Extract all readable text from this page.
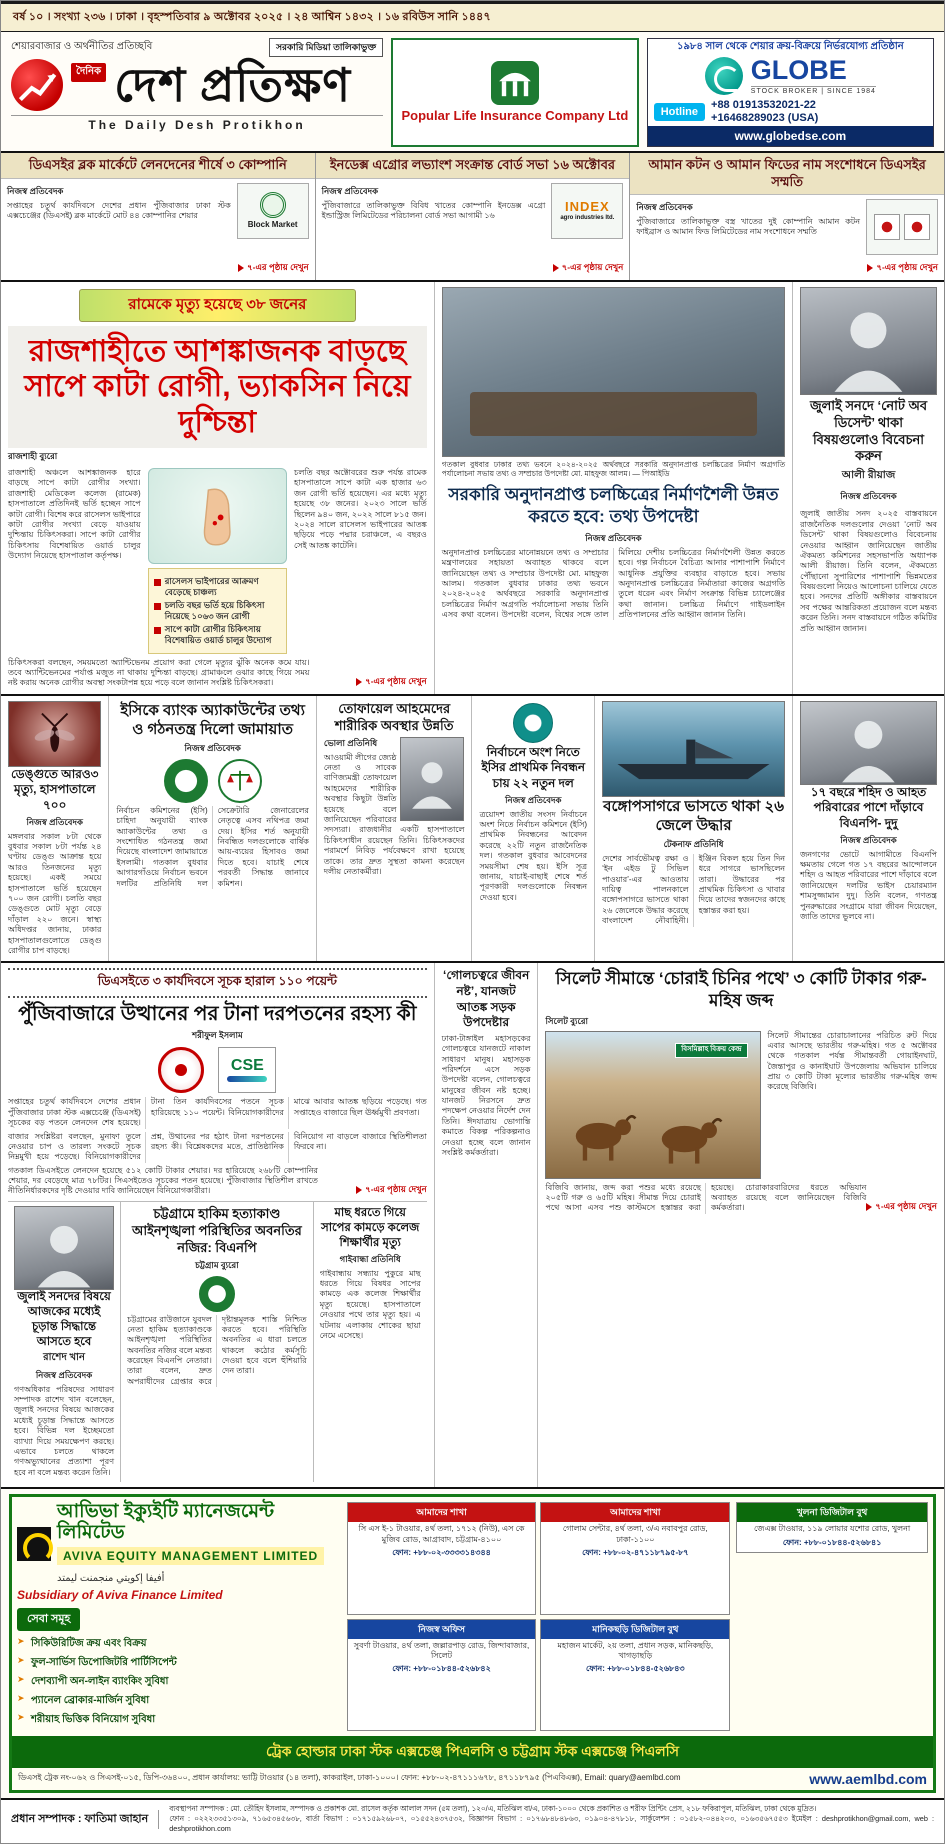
বর্ষ ১০ । সংখ্যা ২৩৬ । ঢাকা । বৃহস্পতিবার ৯ অক্টোবর ২০২৫ । ২৪ আশ্বিন ১৪৩২ । ১৬ রবিউস সানি ১৪৪৭
শেয়ারবাজার ও অর্থনীতির প্রতিচ্ছবি	সরকারি মিডিয়া তালিকাভুক্ত
দৈনিক দেশ প্রতিক্ষণ
The Daily Desh Protikhon
Popular Life Insurance Company Ltd
১৯৮৪ সাল থেকে শেয়ার ক্রয়-বিক্রয়ে নির্ভরযোগ্য প্রতিষ্ঠান
GLOBE
STOCK BROKER | SINCE 1984
Hotline
+88 01913532021-22
+16468289023 (USA)
www.globedse.com
ডিএসইর ব্লক মার্কেটে লেনদেনের শীর্ষে ৩ কোম্পানি
নিজস্ব প্রতিবেদক
সপ্তাহের চতুর্থ কার্যদিবসে দেশের প্রধান পুঁজিবাজার ঢাকা স্টক এক্সচেঞ্জের (ডিএসই) ব্লক মার্কেটে মোট ৪৪ কোম্পানির শেয়ার
Block Market
৭-এর পৃষ্ঠায় দেখুন
ইনডেক্স এগ্রোর লভ্যাংশ সংক্রান্ত বোর্ড সভা ১৬ অক্টোবর
নিজস্ব প্রতিবেদক
পুঁজিবাজারে তালিকাভুক্ত বিবিধ খাতের কোম্পানি ইনডেক্স এগ্রো ইন্ডাস্ট্রিজ লিমিটেডের পরিচালনা বোর্ড সভা আগামী ১৬
INDEX
agro industries ltd.
৭-এর পৃষ্ঠায় দেখুন
আমান কটন ও আমান ফিডের নাম সংশোধনে ডিএসইর সম্মতি
নিজস্ব প্রতিবেদক
পুঁজিবাজারে তালিকাভুক্ত বস্ত্র খাতের দুই কোম্পানি আমান কটন ফাইব্রাস ও আমান ফিড লিমিটেডের নাম সংশোধনে সম্মতি
৭-এর পৃষ্ঠায় দেখুন
রামেকে মৃত্যু হয়েছে ৩৮ জনের
রাজশাহীতে আশঙ্কাজনক বাড়ছে সাপে কাটা রোগী, ভ্যাকসিন নিয়ে দুশ্চিন্তা
রাজশাহী ব্যুরো
রাজশাহী অঞ্চলে আশঙ্কাজনক হারে বাড়ছে সাপে কাটা রোগীর সংখ্যা। রাজশাহী মেডিকেল কলেজ (রামেক) হাসপাতালে প্রতিদিনই ভর্তি হচ্ছেন সাপে কাটা রোগী। বিশেষ করে রাসেলস ভাইপারে কাটা রোগীর সংখ্যা বেড়ে যাওয়ায় দুশ্চিন্তায় চিকিৎসকরা। সাপে কাটা রোগীর চিকিৎসায় বিশেষায়িত ওয়ার্ড চালুর উদ্যোগ নিয়েছে হাসপাতাল কর্তৃপক্ষ।
রাসেলস ভাইপারের আক্রমণ বেড়েছে চাঞ্চল্য
চলতি বছর ভর্তি হয়ে চিকিৎসা নিয়েছে ১০৬৩ জন রোগী
সাপে কাটা রোগীর চিকিৎসায় বিশেষায়িত ওয়ার্ড চালুর উদ্যোগ
চলতি বছর অক্টোবরের শুরু পর্যন্ত রামেক হাসপাতালে সাপে কাটা এক হাজার ৬৩ জন রোগী ভর্তি হয়েছেন। এর মধ্যে মৃত্যু হয়েছে ৩৮ জনের। ২০২৩ সালে ভর্তি ছিলেন ৯৪০ জন, ২০২২ সালে ৮১৫ জন। ২০২৪ সালে রাসেলস ভাইপারের আতঙ্ক ছড়িয়ে পড়ে পদ্মার চরাঞ্চলে, এ বছরও সেই আতঙ্ক কাটেনি।
চিকিৎসকরা বলছেন, সময়মতো অ্যান্টিভেনম প্রয়োগ করা গেলে মৃত্যুর ঝুঁকি অনেক কমে যায়। তবে অ্যান্টিভেনমের পর্যাপ্ত মজুত না থাকায় দুশ্চিন্তা বাড়ছে। গ্রামাঞ্চলে ওঝার কাছে গিয়ে সময় নষ্ট করায় অনেক রোগীর অবস্থা সংকটাপন্ন হয়ে পড়ে বলে জানান সংশ্লিষ্ট চিকিৎসকরা।	৭-এর পৃষ্ঠায় দেখুন
গতকাল বুধবার ঢাকার তথ্য ভবনে ২০২৪-২০২৫ অর্থবছরে সরকারি অনুদানপ্রাপ্ত চলচ্চিত্রের নির্মাণ অগ্রগতি পর্যালোচনা সভায় তথ্য ও সম্প্রচার উপদেষ্টা মো. মাহফুজ আলম। — পিআইডি
সরকারি অনুদানপ্রাপ্ত চলচ্চিত্রের নির্মাণশৈলী উন্নত করতে হবে: তথ্য উপদেষ্টা
নিজস্ব প্রতিবেদক
অনুদানপ্রাপ্ত চলচ্চিত্রের মানোন্নয়নে তথ্য ও সম্প্রচার মন্ত্রণালয়ের সহায়তা অব্যাহত থাকবে বলে জানিয়েছেন তথ্য ও সম্প্রচার উপদেষ্টা মো. মাহফুজ আলম। গতকাল বুধবার ঢাকার তথ্য ভবনে ২০২৪-২০২৫ অর্থবছরে সরকারি অনুদানপ্রাপ্ত চলচ্চিত্রের নির্মাণ অগ্রগতি পর্যালোচনা সভায় তিনি এসব কথা বলেন। উপদেষ্টা বলেন, বিশ্বের সঙ্গে তাল মিলিয়ে দেশীয় চলচ্চিত্রের নির্মাণশৈলী উন্নত করতে হবে। গল্প নির্বাচনে বৈচিত্র্য আনার পাশাপাশি নির্মাণে আধুনিক প্রযুক্তির ব্যবহার বাড়াতে হবে। সভায় অনুদানপ্রাপ্ত চলচ্চিত্রের নির্মাতারা কাজের অগ্রগতি তুলে ধরেন এবং নির্মাণ সংক্রান্ত বিভিন্ন চ্যালেঞ্জের কথা জানান। চলচ্চিত্র নির্মাণে গাইডলাইন প্রতিপালনের প্রতি আহ্বান জানান তিনি।
জুলাই সনদে ‘নোট অব ডিসেন্ট’ থাকা বিষয়গুলোও বিবেচনা করুন
আলী রীয়াজ
নিজস্ব প্রতিবেদক
জুলাই জাতীয় সনদ ২০২৫ বাস্তবায়নে রাজনৈতিক দলগুলোর দেওয়া ‘নোট অব ডিসেন্ট’ থাকা বিষয়গুলোও বিবেচনায় নেওয়ার আহ্বান জানিয়েছেন জাতীয় ঐকমত্য কমিশনের সহসভাপতি অধ্যাপক আলী রীয়াজ। তিনি বলেন, ঐকমত্যে পৌঁছানো সুপারিশের পাশাপাশি ভিন্নমতের বিষয়গুলো নিয়েও আলোচনা চালিয়ে যেতে হবে। সনদের প্রতিটি অঙ্গীকার বাস্তবায়নে সব পক্ষের আন্তরিকতা প্রয়োজন বলে মন্তব্য করেন তিনি। সনদ বাস্তবায়নে গঠিত কমিটির প্রতি আহ্বান জানান।
ডেঙ্গুতে আরও৩ মৃত্যু, হাসপাতালে ৭০০
নিজস্ব প্রতিবেদক
মঙ্গলবার সকাল ৮টা থেকে বুধবার সকাল ৮টা পর্যন্ত ২৪ ঘণ্টায় ডেঙ্গু আক্রান্ত হয়ে আরও তিনজনের মৃত্যু হয়েছে। একই সময়ে হাসপাতালে ভর্তি হয়েছেন ৭০০ জন রোগী। চলতি বছর ডেঙ্গুতে মোট মৃত্যু বেড়ে দাঁড়াল ২২০ জনে। স্বাস্থ্য অধিদপ্তর জানায়, ঢাকার হাসপাতালগুলোতে ডেঙ্গু রোগীর চাপ বাড়ছে।
ইসিকে ব্যাংক অ্যাকাউন্টের তথ্য ও গঠনতন্ত্র দিলো জামায়াত
নিজস্ব প্রতিবেদক
নির্বাচন কমিশনের (ইসি) চাহিদা অনুযায়ী ব্যাংক অ্যাকাউন্টের তথ্য ও সংশোধিত গঠনতন্ত্র জমা দিয়েছে বাংলাদেশ জামায়াতে ইসলামী। গতকাল বুধবার আগারগাঁওয়ে নির্বাচন ভবনে দলটির প্রতিনিধি দল সেক্রেটারি জেনারেলের নেতৃত্বে এসব নথিপত্র জমা দেয়। ইসির শর্ত অনুযায়ী নিবন্ধিত দলগুলোকে বার্ষিক আয়-ব্যয়ের হিসাবও জমা দিতে হবে। যাচাই শেষে পরবর্তী সিদ্ধান্ত জানাবে কমিশন।
তোফায়েল আহমেদের শারীরিক অবস্থার উন্নতি
ভোলা প্রতিনিধি
আওয়ামী লীগের জ্যেষ্ঠ নেতা ও সাবেক বাণিজ্যমন্ত্রী তোফায়েল আহমেদের শারীরিক অবস্থার কিছুটা উন্নতি হয়েছে বলে জানিয়েছেন পরিবারের সদস্যরা। রাজধানীর একটি হাসপাতালে চিকিৎসাধীন রয়েছেন তিনি। চিকিৎসকদের পরামর্শে নিবিড় পর্যবেক্ষণে রাখা হয়েছে তাকে। তার দ্রুত সুস্থতা কামনা করেছেন দলীয় নেতাকর্মীরা।
নির্বাচনে অংশ নিতে ইসির প্রাথমিক নিবন্ধন চায় ২২ নতুন দল
নিজস্ব প্রতিবেদক
ত্রয়োদশ জাতীয় সংসদ নির্বাচনে অংশ নিতে নির্বাচন কমিশনে (ইসি) প্রাথমিক নিবন্ধনের আবেদন করেছে ২২টি নতুন রাজনৈতিক দল। গতকাল বুধবার আবেদনের সময়সীমা শেষ হয়। ইসি সূত্র জানায়, যাচাই-বাছাই শেষে শর্ত পূরণকারী দলগুলোকে নিবন্ধন দেওয়া হবে।
বঙ্গোপসাগরে ভাসতে থাকা ২৬ জেলে উদ্ধার
টেকনাফ প্রতিনিধি
দেশের সার্বভৌমত্ব রক্ষা ও ‘ইন এইড টু সিভিল পাওয়ার’-এর আওতায় দায়িত্ব পালনকালে বঙ্গোপসাগরে ভাসতে থাকা ২৬ জেলেকে উদ্ধার করেছে বাংলাদেশ নৌবাহিনী। ইঞ্জিন বিকল হয়ে তিন দিন ধরে সাগরে ভাসছিলেন তারা। উদ্ধারের পর প্রাথমিক চিকিৎসা ও খাবার দিয়ে তাদের স্বজনদের কাছে হস্তান্তর করা হয়।
১৭ বছরে শহিদ ও আহত পরিবারের পাশে দাঁড়াবে বিএনপি- দুদু
নিজস্ব প্রতিবেদক
জনগণের ভোটে আগামীতে বিএনপি ক্ষমতায় গেলে গত ১৭ বছরের আন্দোলনে শহিদ ও আহত পরিবারের পাশে দাঁড়াবে বলে জানিয়েছেন দলটির ভাইস চেয়ারম্যান শামসুজ্জামান দুদু। তিনি বলেন, গণতন্ত্র পুনরুদ্ধারের সংগ্রামে যারা জীবন দিয়েছেন, জাতি তাদের ভুলবে না।
ডিএসইতে ৩ কার্যদিবসে সূচক হারাল ১১০ পয়েন্ট
পুঁজিবাজারে উত্থানের পর টানা দরপতনের রহস্য কী
শরীফুল ইসলাম
CSE
সপ্তাহের চতুর্থ কার্যদিবসে দেশের প্রধান পুঁজিবাজার ঢাকা স্টক এক্সচেঞ্জে (ডিএসই) সূচকের বড় পতনে লেনদেন শেষ হয়েছে। টানা তিন কার্যদিবসের পতনে সূচক হারিয়েছে ১১০ পয়েন্ট। বিনিয়োগকারীদের মাঝে আবার আতঙ্ক ছড়িয়ে পড়েছে। গত সপ্তাহেও বাজারে ছিল ঊর্ধ্বমুখী প্রবণতা।
বাজার সংশ্লিষ্টরা বলছেন, মুনাফা তুলে নেওয়ার চাপ ও তারল্য সংকটে সূচক নিম্নমুখী হয়ে পড়েছে। বিনিয়োগকারীদের প্রশ্ন, উত্থানের পর হঠাৎ টানা দরপতনের রহস্য কী। বিশ্লেষকদের মতে, প্রাতিষ্ঠানিক বিনিয়োগ না বাড়লে বাজারে স্থিতিশীলতা ফিরবে না।
গতকাল ডিএসইতে লেনদেন হয়েছে ৫১২ কোটি টাকার শেয়ার। দর হারিয়েছে ২৬৮টি কোম্পানির শেয়ার, দর বেড়েছে মাত্র ৭৮টির। সিএসইতেও সূচকের পতন হয়েছে। পুঁজিবাজার স্থিতিশীল রাখতে নীতিনির্ধারকদের দৃষ্টি দেওয়ার দাবি জানিয়েছেন বিনিয়োগকারীরা।	৭-এর পৃষ্ঠায় দেখুন
জুলাই সনদের বিষয়ে আজকের মধ্যেই চূড়ান্ত সিদ্ধান্তে আসতে হবে
রাশেদ খান
নিজস্ব প্রতিবেদক
গণঅধিকার পরিষদের সাধারণ সম্পাদক রাশেদ খান বলেছেন, জুলাই সনদের বিষয়ে আজকের মধ্যেই চূড়ান্ত সিদ্ধান্তে আসতে হবে। বিভিন্ন দল ইচ্ছেমতো ব্যাখ্যা দিয়ে সময়ক্ষেপণ করছে। এভাবে চলতে থাকলে গণঅভ্যুত্থানের প্রত্যাশা পূরণ হবে না বলে মন্তব্য করেন তিনি।
চট্টগ্রামে হাকিম হত্যাকাণ্ড আইনশৃঙ্খলা পরিস্থিতির অবনতির নজির: বিএনপি
চট্টগ্রাম ব্যুরো
চট্টগ্রামের রাউজানে যুবদল নেতা হাকিম হত্যাকাণ্ডকে আইনশৃঙ্খলা পরিস্থিতির অবনতির নজির বলে মন্তব্য করেছেন বিএনপি নেতারা। তারা বলেন, দ্রুত অপরাধীদের গ্রেপ্তার করে দৃষ্টান্তমূলক শাস্তি নিশ্চিত করতে হবে। পরিস্থিতি অবনতির এ ধারা চলতে থাকলে কঠোর কর্মসূচি দেওয়া হবে বলে হুঁশিয়ারি দেন তারা।
মাছ ধরতে গিয়ে সাপের কামড়ে কলেজ শিক্ষার্থীর মৃত্যু
গাইবান্ধা প্রতিনিধি
গাইবান্ধায় সন্ধ্যায় পুকুরে মাছ ধরতে গিয়ে বিষধর সাপের কামড়ে এক কলেজ শিক্ষার্থীর মৃত্যু হয়েছে। হাসপাতালে নেওয়ার পথে তার মৃত্যু হয়। এ ঘটনায় এলাকায় শোকের ছায়া নেমে এসেছে।
‘গোলচত্বরে জীবন নষ্ট’, যানজট আতঙ্ক সড়ক উপদেষ্টার
ঢাকা-টাঙ্গাইল মহাসড়কের গোলচত্বরে যানজটে নাকাল সাধারণ মানুষ। মহাসড়ক পরিদর্শনে এসে সড়ক উপদেষ্টা বলেন, গোলচত্বরে মানুষের জীবন নষ্ট হচ্ছে। যানজট নিরসনে দ্রুত পদক্ষেপ নেওয়ার নির্দেশ দেন তিনি। ঈদযাত্রায় ভোগান্তি কমাতে বিকল্প পরিকল্পনাও নেওয়া হচ্ছে বলে জানান সংশ্লিষ্ট কর্মকর্তারা।
সিলেট সীমান্তে ‘চোরাই চিনির পথে’ ৩ কোটি টাকার গরু-মহিষ জব্দ
সিলেট ব্যুরো
বিসমিল্লাহ বিক্রয় কেন্দ্র
সিলেট সীমান্তের চোরাচালানের পরিচিত রুট দিয়ে এবার আসছে ভারতীয় গরু-মহিষ। গত ৫ অক্টোবর থেকে গতকাল পর্যন্ত সীমান্তবর্তী গোয়াইনঘাট, জৈন্তাপুর ও কানাইঘাট উপজেলায় অভিযান চালিয়ে প্রায় ৩ কোটি টাকা মূল্যের ভারতীয় গরু-মহিষ জব্দ করেছে বিজিবি।
বিজিবি জানায়, জব্দ করা পশুর মধ্যে রয়েছে ২০৫টি গরু ও ৬৫টি মহিষ। সীমান্ত দিয়ে চোরাই পথে আসা এসব পশু কাস্টমসে হস্তান্তর করা হয়েছে। চোরাকারবারিদের ধরতে অভিযান অব্যাহত রয়েছে বলে জানিয়েছেন বিজিবি কর্মকর্তারা।	৭-এর পৃষ্ঠায় দেখুন
আভিভা ইক্যুইটি ম্যানেজমেন্ট লিমিটেড
AVIVA EQUITY MANAGEMENT LIMITED أفيفا إكويتي منجمنت ليمتد
Subsidiary of Aviva Finance Limited
সেবা সমূহ
➤ সিকিউরিটিজ ক্রয় এবং বিক্রয়
➤ ফুল-সার্ভিস ডিপোজিটরি পার্টিসিপেন্ট
➤ দেশব্যাপী অন-লাইন ব্যাংকিং সুবিধা
➤ প্যানেল ব্রোকার-মার্জিন সুবিধা
➤ শরীয়াহ ভিত্তিক বিনিয়োগ সুবিধা
আমাদের শাখা
সি এস ই-১ টাওয়ার, ৪র্থ তলা, ১৭১২ (নিউ), এস কে মুজিব রোড, আগ্রাবাদ, চট্টগ্রাম-৪১০০
ফোন: +৮৮-০২-৩৩৩৩১৪৩৪৪
আমাদের শাখা
গোলাম সেন্টার, ৪র্থ তলা, ৩/এ নবাবপুর রোড, ঢাকা-১১০০
ফোন: +৮৮-০২-৪৭১১৮৭৯৫-৮৭
নিজস্ব অফিস
সুবর্ণা টাওয়ার, ৪র্থ তলা, জল্লারপাড় রোড, জিন্দাবাজার, সিলেট
ফোন: +৮৮-০১৮৪৪-৫২৬৮৪২
মানিকছড়ি ডিজিটাল বুথ
মহাজন মার্কেট, ২য় তলা, প্রধান সড়ক, মানিকছড়ি, খাগড়াছড়ি
ফোন: +৮৮-০১৮৪৪-৫২৬৮৪৩
খুলনা ডিজিটাল বুথ
জেএক্স টাওয়ার, ১১৯ লোয়ার যশোর রোড, খুলনা
ফোন: +৮৮-০১৮৪৪-৫২৬৮৪১
ট্রেক হোল্ডার ঢাকা স্টক এক্সচেঞ্জ পিএলসি ও চট্টগ্রাম স্টক এক্সচেঞ্জ পিএলসি
ডিএসই ট্রেক নং-০৬২ ও সিএসই-০১৫, ডিপি-৩৬৪০০, প্রধান কার্যালয়: ভাট্টি টাওয়ার (১৪ তলা), কাকরাইল, ঢাকা-১০০০। ফোন: +৮৮-০২-৪৭১১১৬৭৮, ৪৭১১৮৭৯৫ (পিএবিএক্স), Email: quary@aemlbd.com	www.aemlbd.com
প্রধান সম্পাদক : ফাতিমা জাহান
ব্যবস্থাপনা সম্পাদক : মো. তৌহিদ ইসলাম, সম্পাদক ও প্রকাশক মো. রাসেল কর্তৃক আলাল সদন (৫ম তলা), ১২০/এ, মতিঝিল বা/এ, ঢাকা-১০০০ থেকে প্রকাশিত ও শরীফ প্রিন্টিং প্রেস, ২১৮ ফকিরাপুল, মতিঝিল, ঢাকা থেকে মুদ্রিত।
ফোন : ০২২২৩৩৫১৩০৯, ৭১৬৫৩৪৫৬৩৮, বার্তা বিভাগ : ০১৭১৫৯২৬৮০৭, ০১৫৫২৪৩৭৫৩২, বিজ্ঞাপন বিভাগ : ০১৭৬৮৪৮৪৮৬৩, ০১৯০৪-৪৭৮১৮, সার্কুলেশন : ০১৫৮২-০৪৪২০৩, ০১৬৩৫৬৭৫৫৩ ইমেইল : deshprotikhon@gmail.com, web : deshprotikhon.com
